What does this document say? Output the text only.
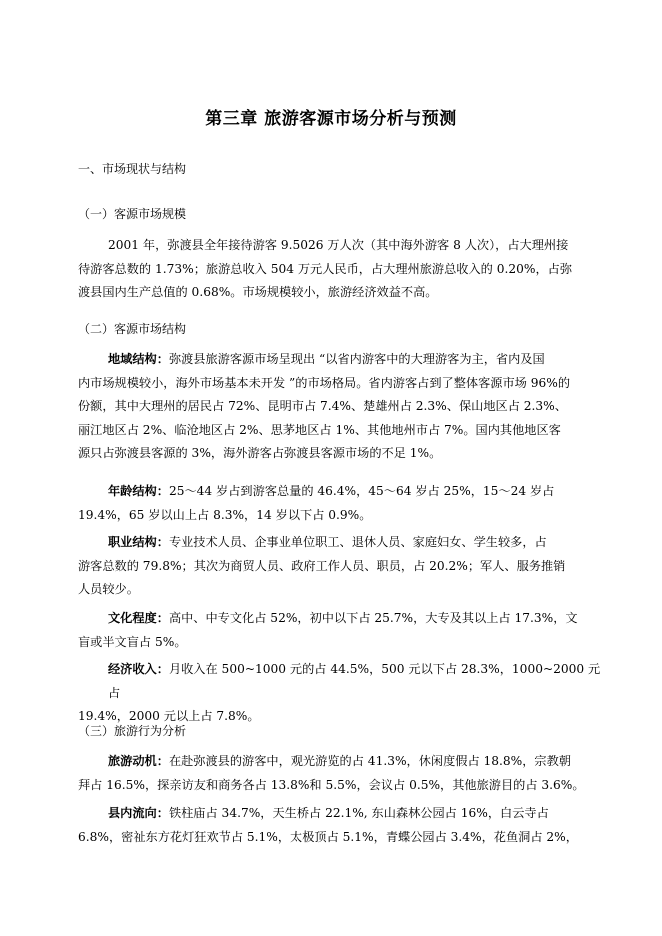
第三章 旅游客源市场分析与预测
一、市场现状与结构
（一）客源市场规模
2001 年，弥渡县全年接待游客 9.5026 万人次（其中海外游客 8 人次），占大理州接
待游客总数的 1.73%；旅游总收入 504 万元人民币，占大理州旅游总收入的 0.20%，占弥
渡县国内生产总值的 0.68%。市场规模较小，旅游经济效益不高。
（二）客源市场结构
地域结构：弥渡县旅游客源市场呈现出 “以省内游客中的大理游客为主，省内及国
内市场规模较小，海外市场基本未开发 ”的市场格局。省内游客占到了整体客源市场 96%的
份额，其中大理州的居民占 72%、昆明市占 7.4%、楚雄州占 2.3%、保山地区占 2.3%、
丽江地区占 2%、临沧地区占 2%、思茅地区占 1%、其他地州市占 7%。国内其他地区客
源只占弥渡县客源的 3%，海外游客占弥渡县客源市场的不足 1%。
年龄结构：25～44 岁占到游客总量的 46.4%，45～64 岁占 25%，15～24 岁占
19.4%，65 岁以山上占 8.3%，14 岁以下占 0.9%。
职业结构：专业技术人员、企事业单位职工、退休人员、家庭妇女、学生较多，占
游客总数的 79.8%；其次为商贸人员、政府工作人员、职员，占 20.2%；军人、服务推销
人员较少。
文化程度：高中、中专文化占 52%，初中以下占 25.7%，大专及其以上占 17.3%，文
盲或半文盲占 5%。
经济收入：月收入在 500~1000 元的占 44.5%，500 元以下占 28.3%，1000~2000 元占
19.4%，2000 元以上占 7.8%。
（三）旅游行为分析
旅游动机：在赴弥渡县的游客中，观光游览的占 41.3%，休闲度假占 18.8%，宗教朝
拜占 16.5%，探亲访友和商务各占 13.8%和 5.5%，会议占 0.5%，其他旅游目的占 3.6%。
县内流向：铁柱庙占 34.7%，天生桥占 22.1%, 东山森林公园占 16%，白云寺占
6.8%，密祉东方花灯狂欢节占 5.1%，太极顶占 5.1%，青蝶公园占 3.4%，花鱼洞占 2%，
